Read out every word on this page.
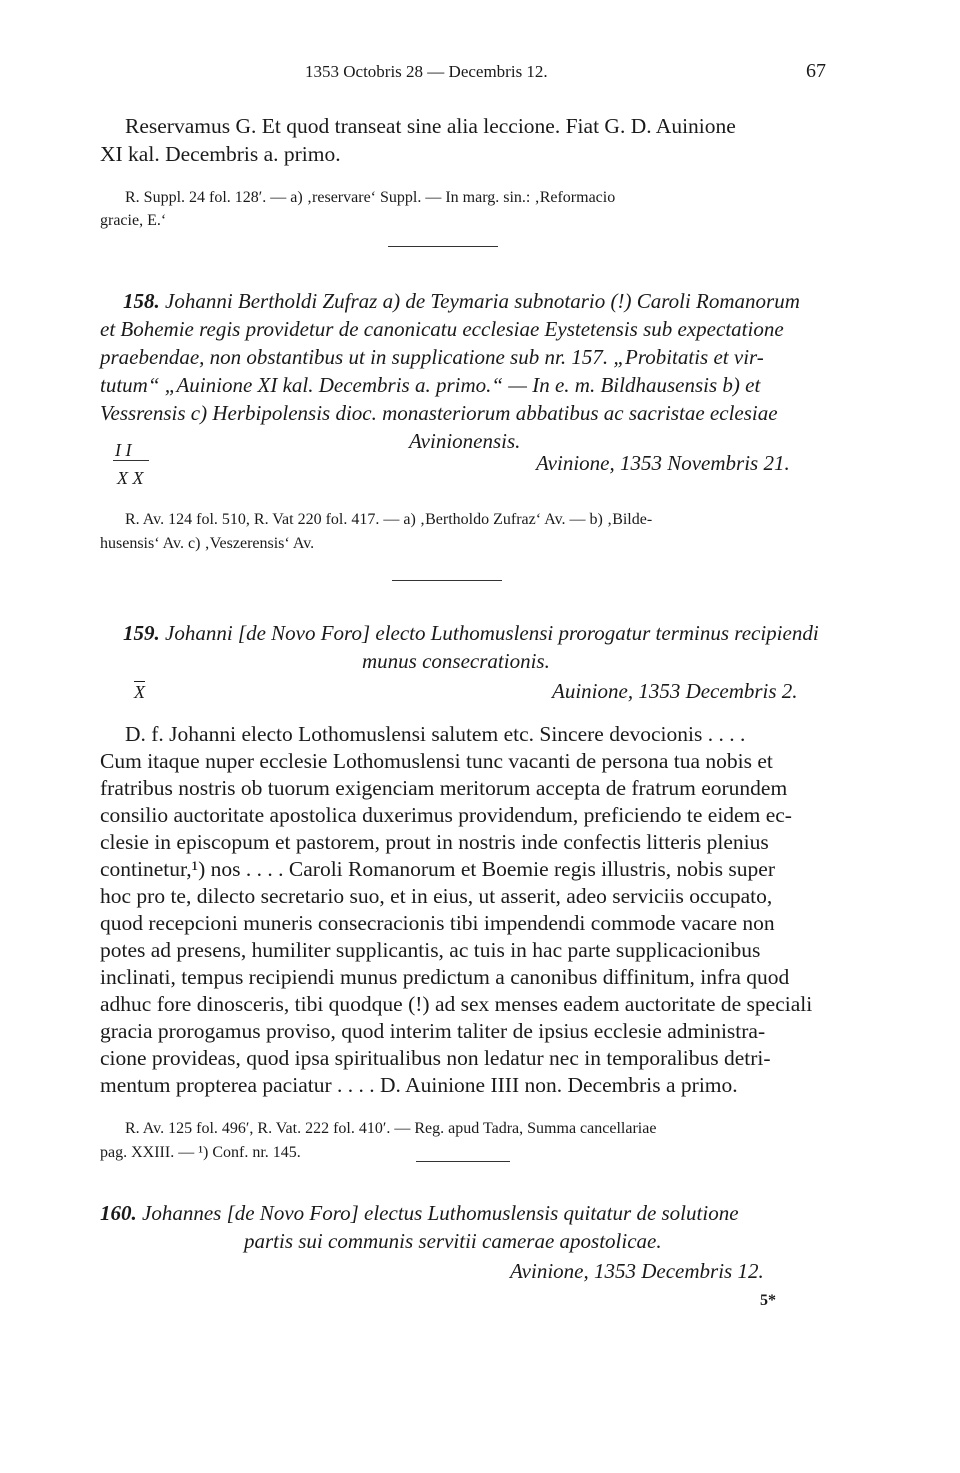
1353 Octobris 28 — Decembris 12.	67
Reservamus G. Et quod transeat sine alia leccione. Fiat G. D. Auinione
XI kal. Decembris a. primo.
R. Suppl. 24 fol. 128′. — a) ‚reservare‘ Suppl. — In marg. sin.: ‚Reformacio
gracie, E.‘
158. Johanni Bertholdi Zufraz a) de Teymaria subnotario (!) Caroli Romanorum
et Bohemie regis providetur de canonicatu ecclesiae Eystetensis sub expectatione
praebendae, non obstantibus ut in supplicatione sub nr. 157. „Probitatis et vir-
tutum“ „Auinione XI kal. Decembris a. primo.“ — In e. m. Bildhausensis b) et
Vessrensis c) Herbipolensis dioc. monasteriorum abbatibus ac sacristae eclesiae
Avinionensis.
I I
X X
Avinione, 1353 Novembris 21.
R. Av. 124 fol. 510, R. Vat 220 fol. 417. — a) ‚Bertholdo Zufraz‘ Av. — b) ‚Bilde-
husensis‘ Av. c) ‚Veszerensis‘ Av.
159. Johanni [de Novo Foro] electo Luthomuslensi prorogatur terminus recipiendi
munus consecrationis.
$\overline{X}$	Auinione, 1353 Decembris 2.
D. f. Johanni electo Lothomuslensi salutem etc. Sincere devocionis . . . .
Cum itaque nuper ecclesie Lothomuslensi tunc vacanti de persona tua nobis et
fratribus nostris ob tuorum exigenciam meritorum accepta de fratrum eorundem
consilio auctoritate apostolica duxerimus providendum, preficiendo te eidem ec-
clesie in episcopum et pastorem, prout in nostris inde confectis litteris plenius
continetur,¹) nos . . . . Caroli Romanorum et Boemie regis illustris, nobis super
hoc pro te, dilecto secretario suo, et in eius, ut asserit, adeo serviciis occupato,
quod recepcioni muneris consecracionis tibi impendendi commode vacare non
potes ad presens, humiliter supplicantis, ac tuis in hac parte supplicacionibus
inclinati, tempus recipiendi munus predictum a canonibus diffinitum, infra quod
adhuc fore dinosceris, tibi quodque (!) ad sex menses eadem auctoritate de speciali
gracia prorogamus proviso, quod interim taliter de ipsius ecclesie administra-
cione provideas, quod ipsa spiritualibus non ledatur nec in temporalibus detri-
mentum propterea paciatur . . . . D. Auinione IIII non. Decembris a primo.
R. Av. 125 fol. 496′, R. Vat. 222 fol. 410′. — Reg. apud Tadra, Summa cancellariae
pag. XXIII. — ¹) Conf. nr. 145.
160. Johannes [de Novo Foro] electus Luthomuslensis quitatur de solutione
partis sui communis servitii camerae apostolicae.
Avinione, 1353 Decembris 12.
5*
